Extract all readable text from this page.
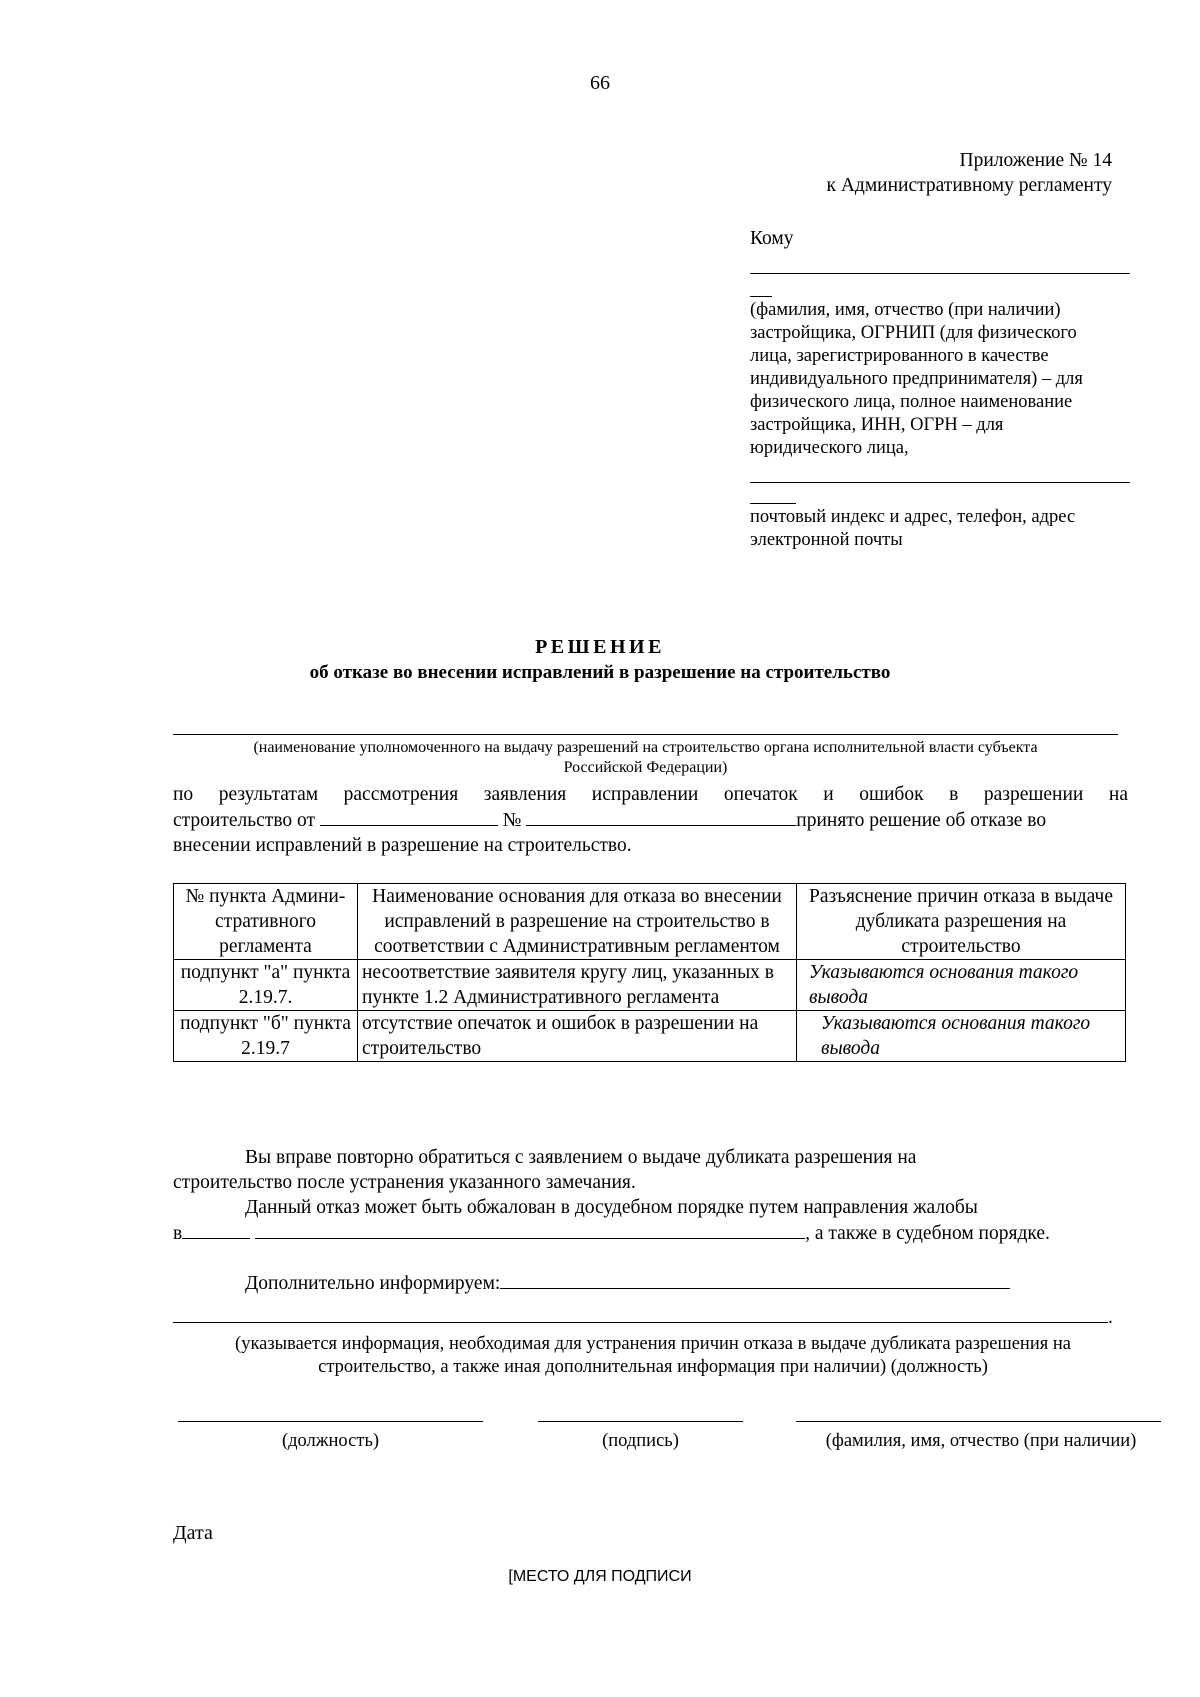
66
Приложение № 14
к Административному регламенту
Кому
(фамилия, имя, отчество (при наличии)
застройщика, ОГРНИП (для физического
лица, зарегистрированного в качестве
индивидуального предпринимателя) – для
физического лица, полное наименование
застройщика, ИНН, ОГРН – для
юридического лица,
почтовый индекс и адрес, телефон, адрес
электронной почты
РЕШЕНИЕ
об отказе во внесении исправлений в разрешение на строительство
(наименование уполномоченного на выдачу разрешений на строительство органа исполнительной власти субъекта
Российской Федерации)
по результатам рассмотрения заявления исправлении опечаток и ошибок в разрешении на
строительство от	№	принято решение об отказе во
внесении исправлений в разрешение на строительство.
№ пункта Админи-стративного регламента	Наименование основания для отказа во внесении исправлений в разрешение на строительство в соответствии с Административным регламентом	Разъяснение причин отказа в выдаче дубликата разрешения на строительство
подпункт "а" пункта 2.19.7.	несоответствие заявителя кругу лиц, указанных в пункте 1.2 Административного регламента	Указываются основания такого вывода
подпункт "б" пункта 2.19.7	отсутствие опечаток и ошибок в разрешении на строительство	Указываются основания такого вывода
Вы вправе повторно обратиться с заявлением о выдаче дубликата разрешения на
строительство после устранения указанного замечания.
Данный отказ может быть обжалован в досудебном порядке путем направления жалобы
в	, а также в судебном порядке.
Дополнительно информируем:
.
(указывается информация, необходимая для устранения причин отказа в выдаче дубликата разрешения на
строительство, а также иная дополнительная информация при наличии) (должность)
(должность)	(подпись)	(фамилия, имя, отчество (при наличии)
Дата
[МЕСТО ДЛЯ ПОДПИСИ
